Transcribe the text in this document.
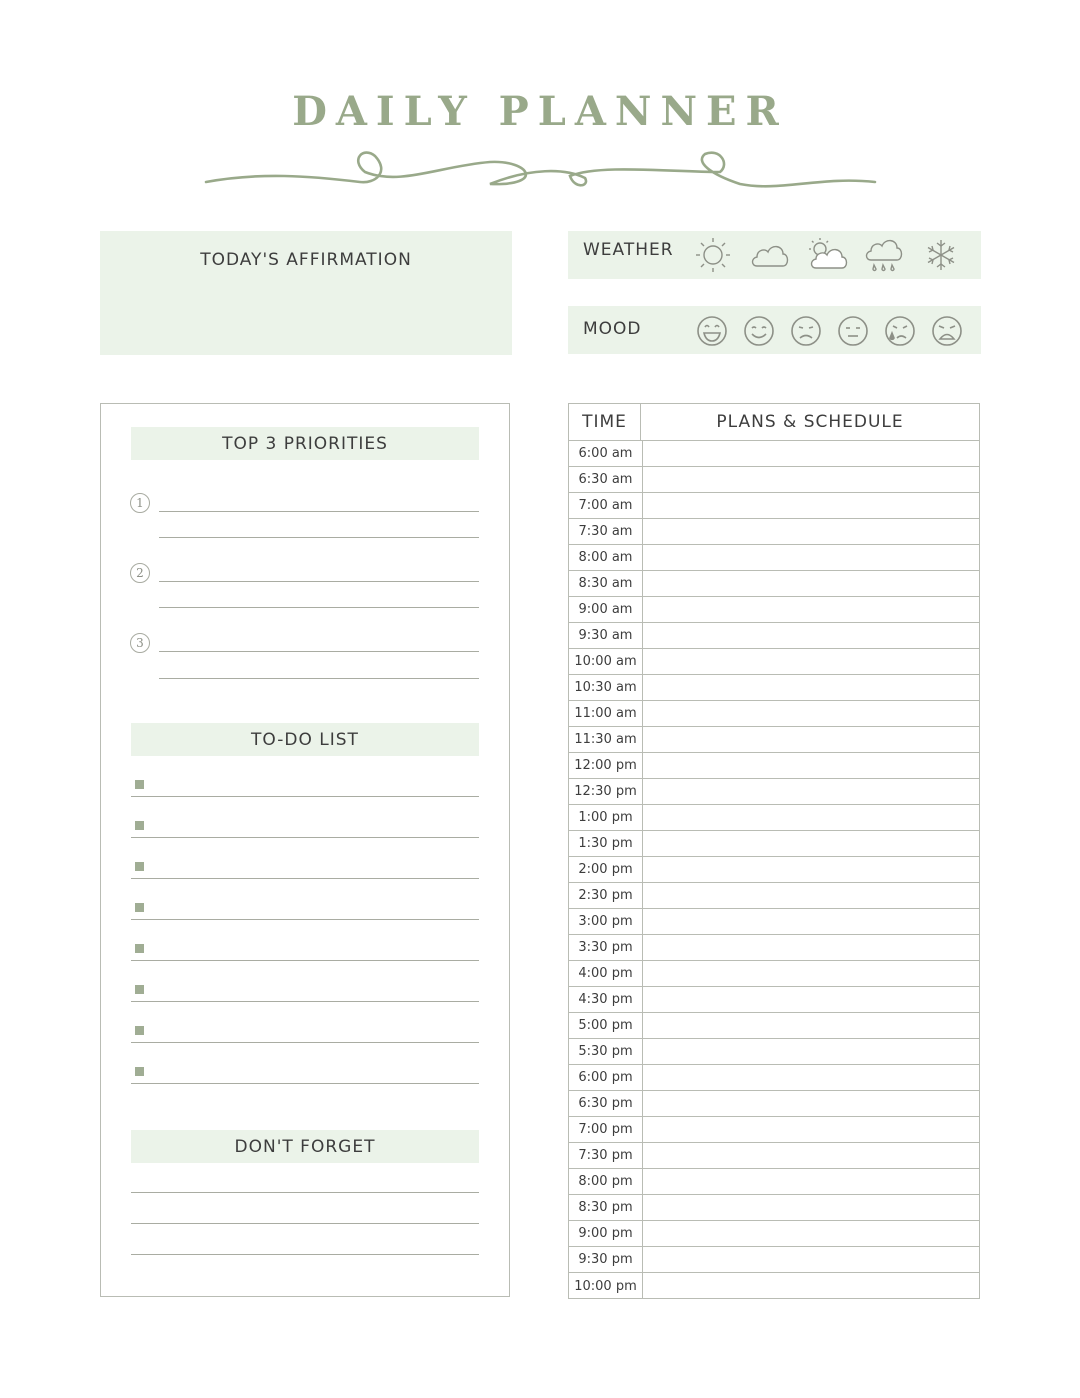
DAILY PLANNER
TODAY'S AFFIRMATION	WEATHER
MOOD
TOP 3 PRIORITIES
1
2
3
TO-DO LIST
DON'T FORGET
TIME	PLANS & SCHEDULE
6:00 am
6:30 am
7:00 am
7:30 am
8:00 am
8:30 am
9:00 am
9:30 am
10:00 am
10:30 am
11:00 am
11:30 am
12:00 pm
12:30 pm
1:00 pm
1:30 pm
2:00 pm
2:30 pm
3:00 pm
3:30 pm
4:00 pm
4:30 pm
5:00 pm
5:30 pm
6:00 pm
6:30 pm
7:00 pm
7:30 pm
8:00 pm
8:30 pm
9:00 pm
9:30 pm
10:00 pm
